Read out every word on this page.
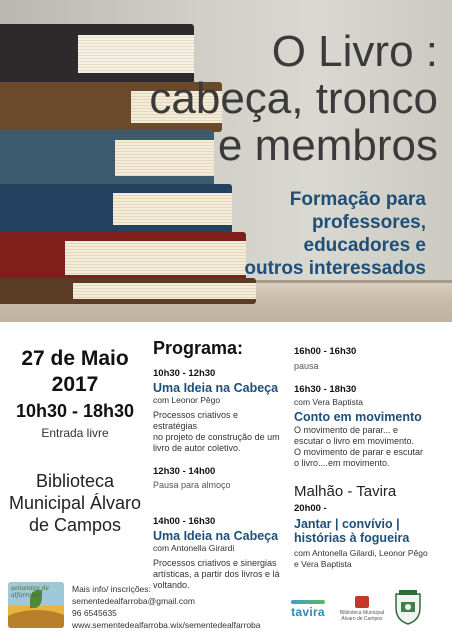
O Livro :
cabeça, tronco
e membros
Formação para
professores,
educadores e
outros interessados
27 de Maio
2017
10h30 - 18h30
Entrada livre
Biblioteca
Municipal Álvaro
de Campos
Programa:
10h30 - 12h30
Uma Ideia na Cabeça
com Leonor Pêgo
Processos criativos e estratégias
no projeto de construção de um
livro de autor coletivo.
12h30 - 14h00
Pausa para almoço
14h00 - 16h30
Uma Ideia na Cabeça
com Antonella Girardi
Processos criativos e sinergias
artísticas, a partir dos livros e lá
voltando.
16h00 - 16h30
pausa
16h30 - 18h30
com Vera Baptista
Conto em movimento
O movimento de parar... e
escutar o livro em movimento.
O movimento de parar e escutar
o livro....em movimento.
Malhão - Tavira
20h00 -
Jantar | convívio |
histórias à fogueira
com Antonella Gilardi, Leonor Pêgo
e Vera Baptista
sementes de alfarroba
Mais info/ inscrições:
sementedealfarroba@gmail.com
96 6545635
www.sementedealfarroba.wix/sementedealfarroba
tavira	Biblioteca Municipal Álvaro de Campos
